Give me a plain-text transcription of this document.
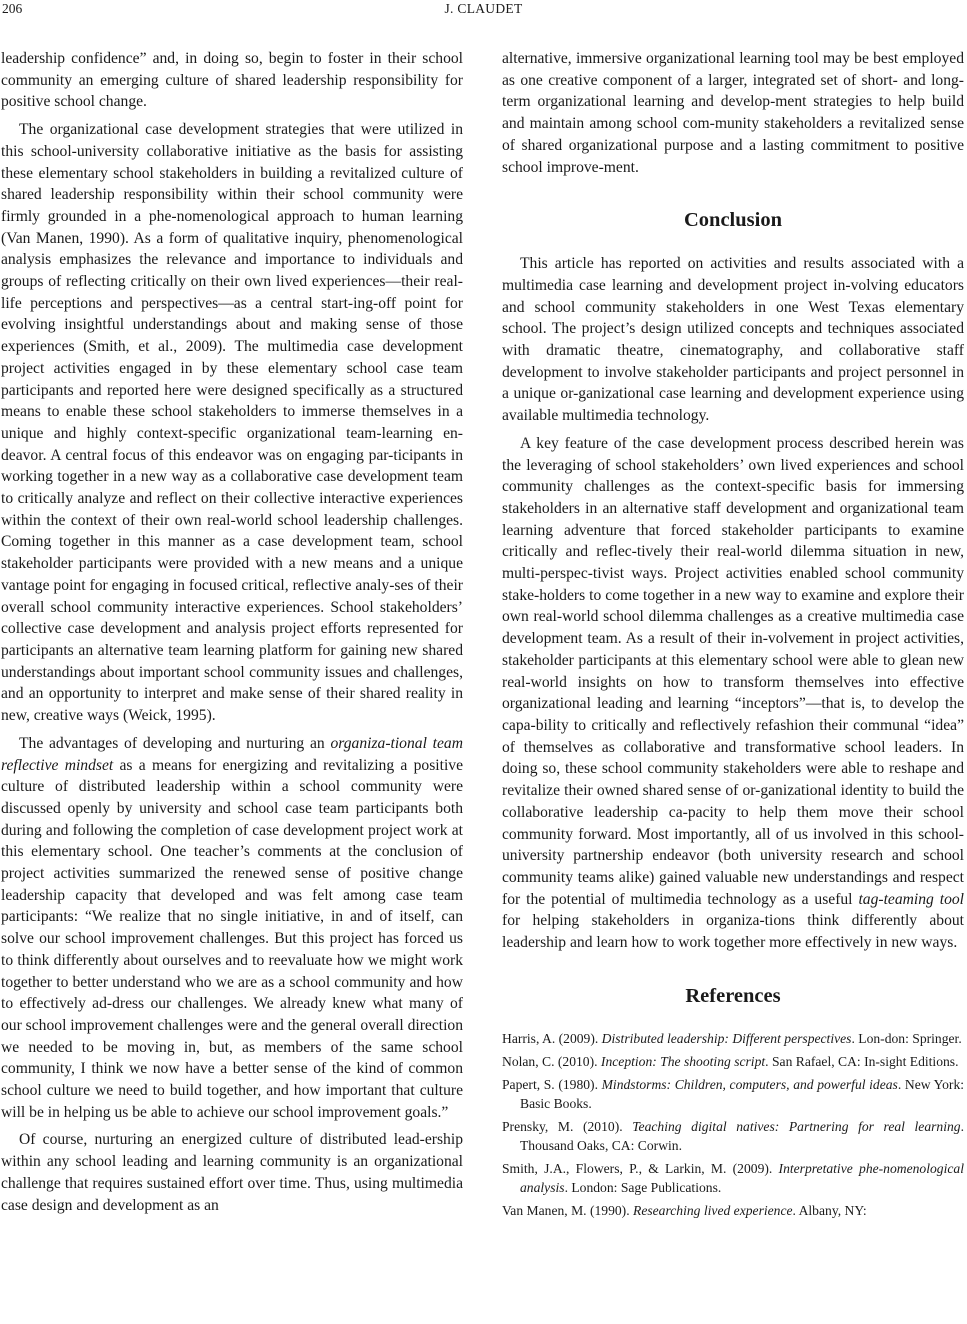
206	J. CLAUDET

leadership confidence” and, in doing so, begin to foster in their school community an emerging culture of shared leadership responsibility for positive school change.

The organizational case development strategies that were utilized in this school-university collaborative initiative as the basis for assisting these elementary school stakeholders in building a revitalized culture of shared leadership responsibility within their school community were firmly grounded in a phe-nomenological approach to human learning (Van Manen, 1990). As a form of qualitative inquiry, phenomenological analysis emphasizes the relevance and importance to individuals and groups of reflecting critically on their own lived experiences—their real-life perceptions and perspectives—as a central start-ing-off point for evolving insightful understandings about and making sense of those experiences (Smith, et al., 2009). The multimedia case development project activities engaged in by these elementary school case team participants and reported here were designed specifically as a structured means to enable these school stakeholders to immerse themselves in a unique and highly context-specific organizational team-learning en-deavor. A central focus of this endeavor was on engaging par-ticipants in working together in a new way as a collaborative case development team to critically analyze and reflect on their collective interactive experiences within the context of their own real-world school leadership challenges. Coming together in this manner as a case development team, school stakeholder participants were provided with a new means and a unique vantage point for engaging in focused critical, reflective analy-ses of their overall school community interactive experiences. School stakeholders’ collective case development and analysis project efforts represented for participants an alternative team learning platform for gaining new shared understandings about important school community issues and challenges, and an opportunity to interpret and make sense of their shared reality in new, creative ways (Weick, 1995).

The advantages of developing and nurturing an organiza-tional team reflective mindset as a means for energizing and revitalizing a positive culture of distributed leadership within a school community were discussed openly by university and school case team participants both during and following the completion of case development project work at this elementary school. One teacher’s comments at the conclusion of project activities summarized the renewed sense of positive change leadership capacity that developed and was felt among case team participants: “We realize that no single initiative, in and of itself, can solve our school improvement challenges. But this project has forced us to think differently about ourselves and to reevaluate how we might work together to better understand who we are as a school community and how to effectively ad-dress our challenges. We already knew what many of our school improvement challenges were and the general overall direction we needed to be moving in, but, as members of the same school community, I think we now have a better sense of the kind of common school culture we need to build together, and how important that culture will be in helping us be able to achieve our school improvement goals.”

Of course, nurturing an energized culture of distributed lead-ership within any school leading and learning community is an organizational challenge that requires sustained effort over time. Thus, using multimedia case design and development as an

alternative, immersive organizational learning tool may be best employed as one creative component of a larger, integrated set of short- and long-term organizational learning and develop-ment strategies to help build and maintain among school com-munity stakeholders a revitalized sense of shared organizational purpose and a lasting commitment to positive school improve-ment.

Conclusion

This article has reported on activities and results associated with a multimedia case learning and development project in-volving educators and school community stakeholders in one West Texas elementary school. The project’s design utilized concepts and techniques associated with dramatic theatre, cinematography, and collaborative staff development to involve stakeholder participants and project personnel in a unique or-ganizational case learning and development experience using available multimedia technology.

A key feature of the case development process described herein was the leveraging of school stakeholders’ own lived experiences and school community challenges as the context-specific basis for immersing stakeholders in an alternative staff development and organizational team learning adventure that forced stakeholder participants to examine critically and reflec-tively their real-world dilemma situation in new, multi-perspec-tivist ways. Project activities enabled school community stake-holders to come together in a new way to examine and explore their own real-world school dilemma challenges as a creative multimedia case development team. As a result of their in-volvement in project activities, stakeholder participants at this elementary school were able to glean new real-world insights on how to transform themselves into effective organizational leading and learning “inceptors”—that is, to develop the capa-bility to critically and reflectively refashion their communal “idea” of themselves as collaborative and transformative school leaders. In doing so, these school community stakeholders were able to reshape and revitalize their owned shared sense of or-ganizational identity to build the collaborative leadership ca-pacity to help them move their school community forward. Most importantly, all of us involved in this school-university partnership endeavor (both university research and school community teams alike) gained valuable new understandings and respect for the potential of multimedia technology as a useful tag-teaming tool for helping stakeholders in organiza-tions think differently about leadership and learn how to work together more effectively in new ways.

References
Harris, A. (2009). Distributed leadership: Different perspectives. Lon-don: Springer.
Nolan, C. (2010). Inception: The shooting script. San Rafael, CA: In-sight Editions.
Papert, S. (1980). Mindstorms: Children, computers, and powerful ideas. New York: Basic Books.
Prensky, M. (2010). Teaching digital natives: Partnering for real learning. Thousand Oaks, CA: Corwin.
Smith, J.A., Flowers, P., & Larkin, M. (2009). Interpretative phe-nomenological analysis. London: Sage Publications.
Van Manen, M. (1990). Researching lived experience. Albany, NY:
